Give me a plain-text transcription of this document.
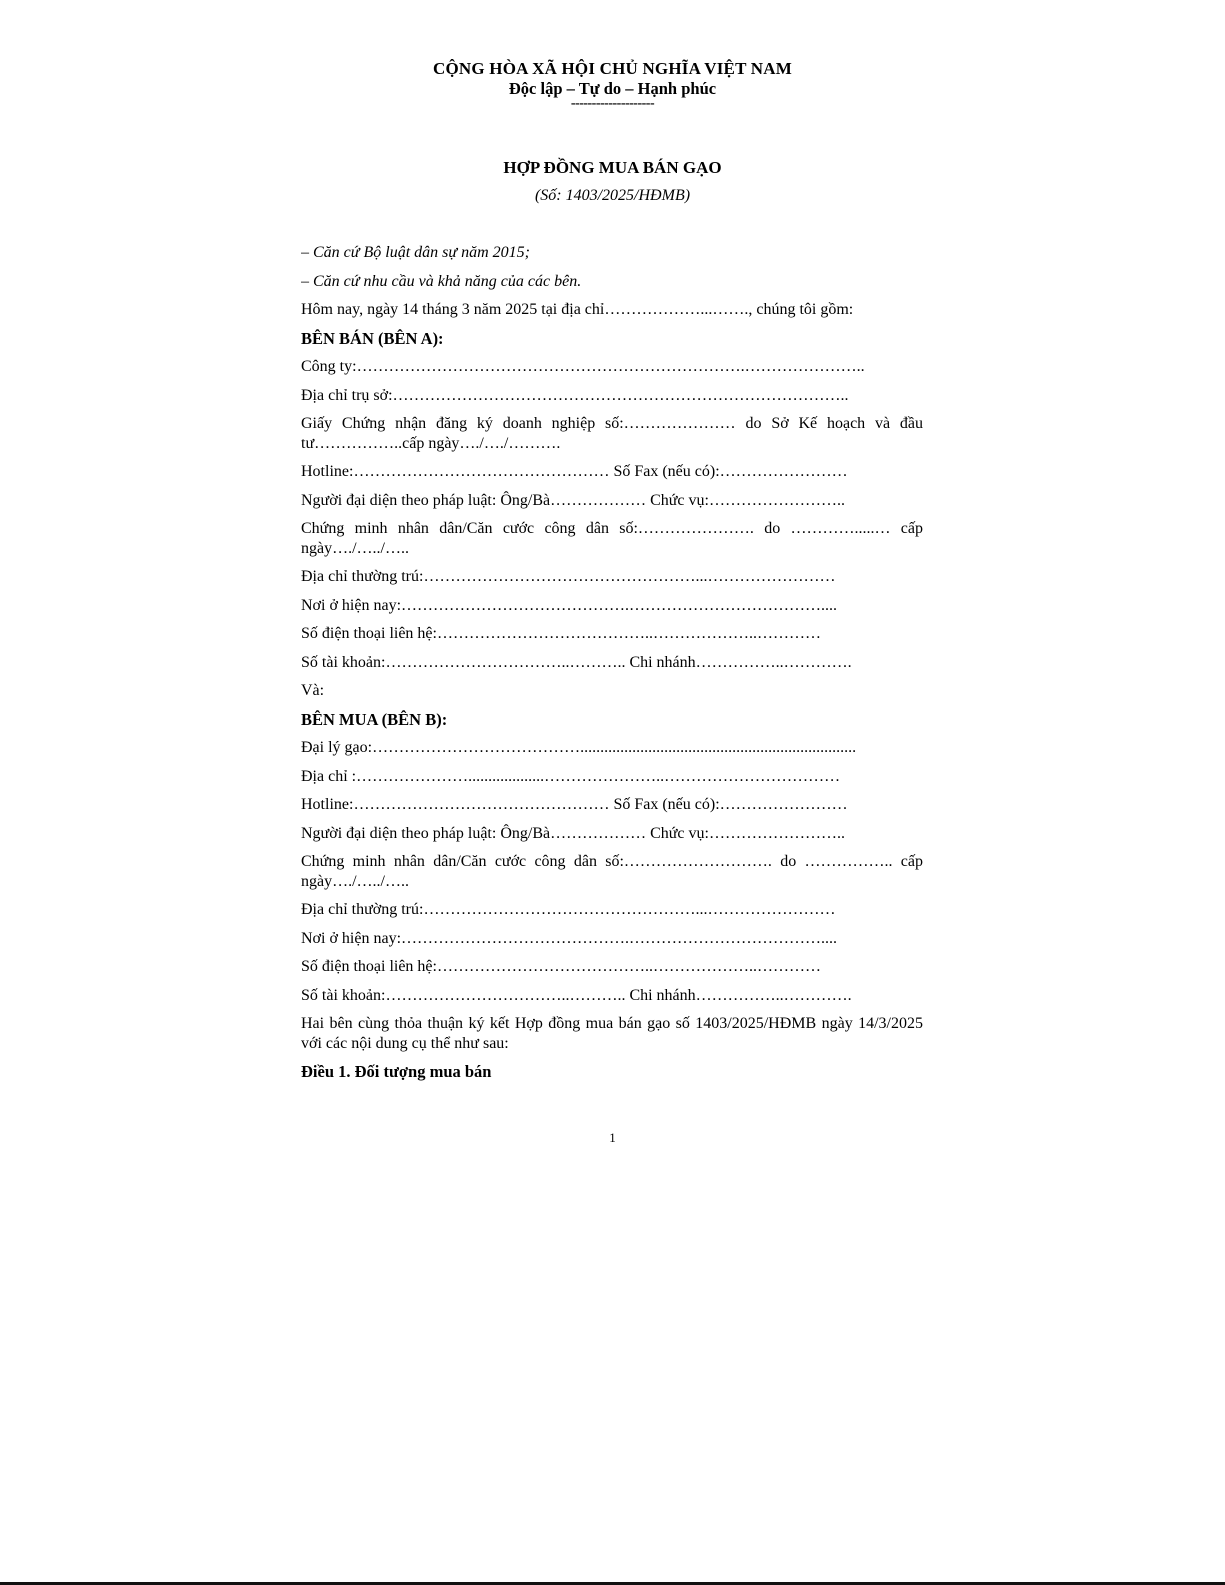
CỘNG HÒA XÃ HỘI CHỦ NGHĨA VIỆT NAM
Độc lập – Tự do – Hạnh phúc
--------------------
HỢP ĐỒNG MUA BÁN GẠO
(Số: 1403/2025/HĐMB)
– Căn cứ Bộ luật dân sự năm 2015;
– Căn cứ nhu cầu và khả năng của các bên.
Hôm nay, ngày 14 tháng 3 năm 2025 tại địa chỉ………………...……., chúng tôi gồm:
BÊN BÁN (BÊN A):
Công ty:……………………………………………………………….…………………..
Địa chỉ trụ sở:…………………………………………………………………………..
Giấy Chứng nhận đăng ký doanh nghiệp số:………………… do Sở Kế hoạch và đầu tư……………..cấp ngày…./…./……….
Hotline:………………………………………… Số Fax (nếu có):……………………
Người đại diện theo pháp luật: Ông/Bà……………… Chức vụ:……………………..
Chứng minh nhân dân/Căn cước công dân số:…………………. do ………….....… cấp ngày…./…../…..
Địa chỉ thường trú:……………………………………………...……………………
Nơi ở hiện nay:…………………………………….………………………………....
Số điện thoại liên hệ:…………………………………..………………..…………
Số tài khoản:……………………………..……….. Chi nhánh……………..………….
Và:
BÊN MUA (BÊN B):
Đại lý gạo:………………………………….....................................................................
Địa chỉ :…………………...................…………………..……………………………
Hotline:………………………………………… Số Fax (nếu có):……………………
Người đại diện theo pháp luật: Ông/Bà……………… Chức vụ:……………………..
Chứng minh nhân dân/Căn cước công dân số:………………………. do …………….. cấp ngày…./…../…..
Địa chỉ thường trú:……………………………………………...……………………
Nơi ở hiện nay:…………………………………….………………………………....
Số điện thoại liên hệ:…………………………………..………………..…………
Số tài khoản:……………………………..……….. Chi nhánh……………..………….
Hai bên cùng thỏa thuận ký kết Hợp đồng mua bán gạo số 1403/2025/HĐMB ngày 14/3/2025 với các nội dung cụ thể như sau:
Điều 1. Đối tượng mua bán
1
